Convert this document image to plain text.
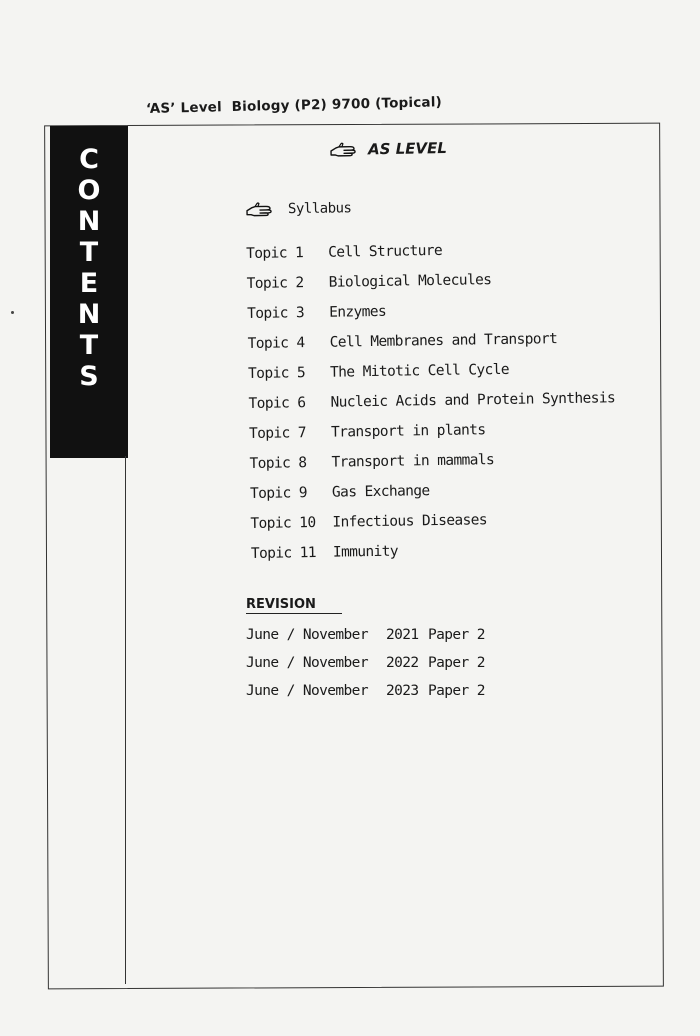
‘AS’ Level  Biology (P2) 9700 (Topical)
C
O
N
T
E
N
T
S
AS LEVEL
Syllabus
Topic 1	Cell Structure
Topic 2	Biological Molecules
Topic 3	Enzymes
Topic 4	Cell Membranes and Transport
Topic 5	The Mitotic Cell Cycle
Topic 6	Nucleic Acids and Protein Synthesis
Topic 7	Transport in plants
Topic 8	Transport in mammals
Topic 9	Gas Exchange
Topic 10	Infectious Diseases
Topic 11	Immunity
REVISION
June / November	2021 Paper 2
June / November	2022 Paper 2
June / November	2023 Paper 2
